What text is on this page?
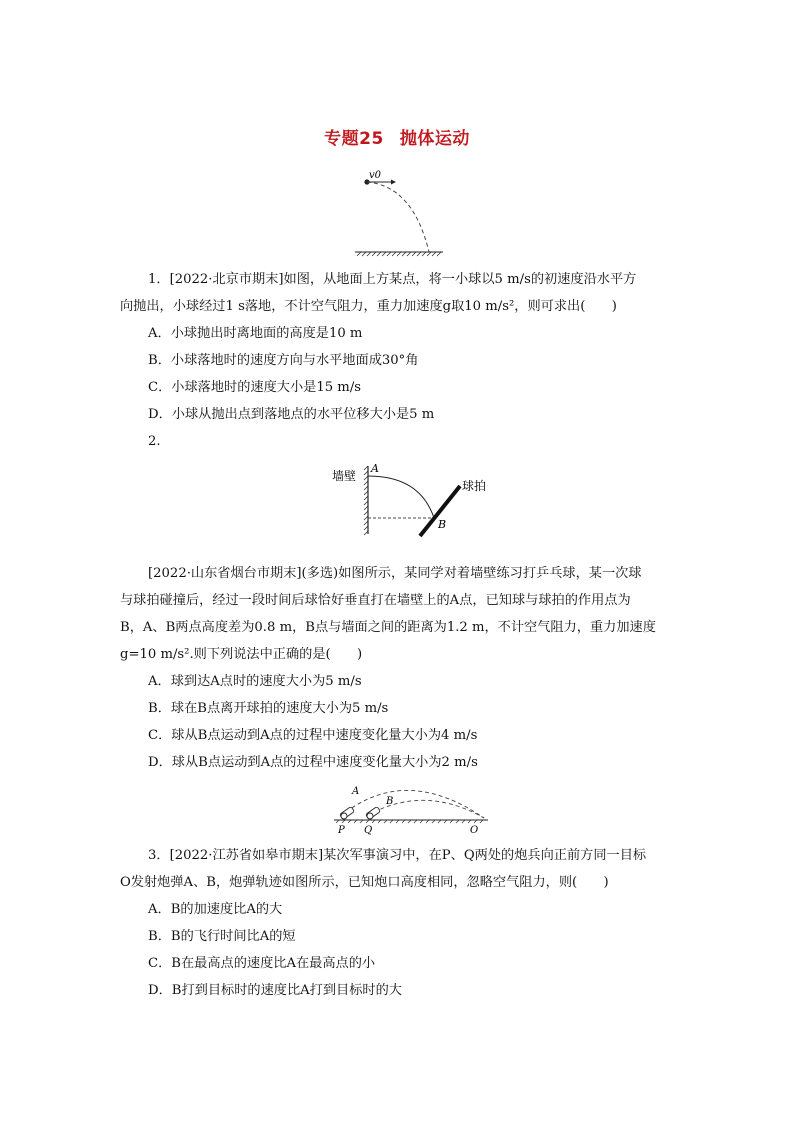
专题25 抛体运动
v0
1．[2022·北京市期末]如图，从地面上方某点，将一小球以5 m/s的初速度沿水平方
向抛出，小球经过1 s落地，不计空气阻力，重力加速度g取10 m/s²，则可求出(　　)
A．小球抛出时离地面的高度是10 m
B．小球落地时的速度方向与水平地面成30°角
C．小球落地时的速度大小是15 m/s
D．小球从抛出点到落地点的水平位移大小是5 m
2.
墙壁
A
球拍
B
[2022·山东省烟台市期末](多选)如图所示，某同学对着墙壁练习打乒乓球，某一次球
与球拍碰撞后，经过一段时间后球恰好垂直打在墙壁上的A点，已知球与球拍的作用点为
B，A、B两点高度差为0.8 m，B点与墙面之间的距离为1.2 m，不计空气阻力，重力加速度
g=10 m/s².则下列说法中正确的是(　　)
A．球到达A点时的速度大小为5 m/s
B．球在B点离开球拍的速度大小为5 m/s
C．球从B点运动到A点的过程中速度变化量大小为4 m/s
D．球从B点运动到A点的过程中速度变化量大小为2 m/s
A
B
P Q	O
3．[2022·江苏省如皋市期末]某次军事演习中，在P、Q两处的炮兵向正前方同一目标
O发射炮弹A、B，炮弹轨迹如图所示，已知炮口高度相同，忽略空气阻力，则(　　)
A．B的加速度比A的大
B．B的飞行时间比A的短
C．B在最高点的速度比A在最高点的小
D．B打到目标时的速度比A打到目标时的大
